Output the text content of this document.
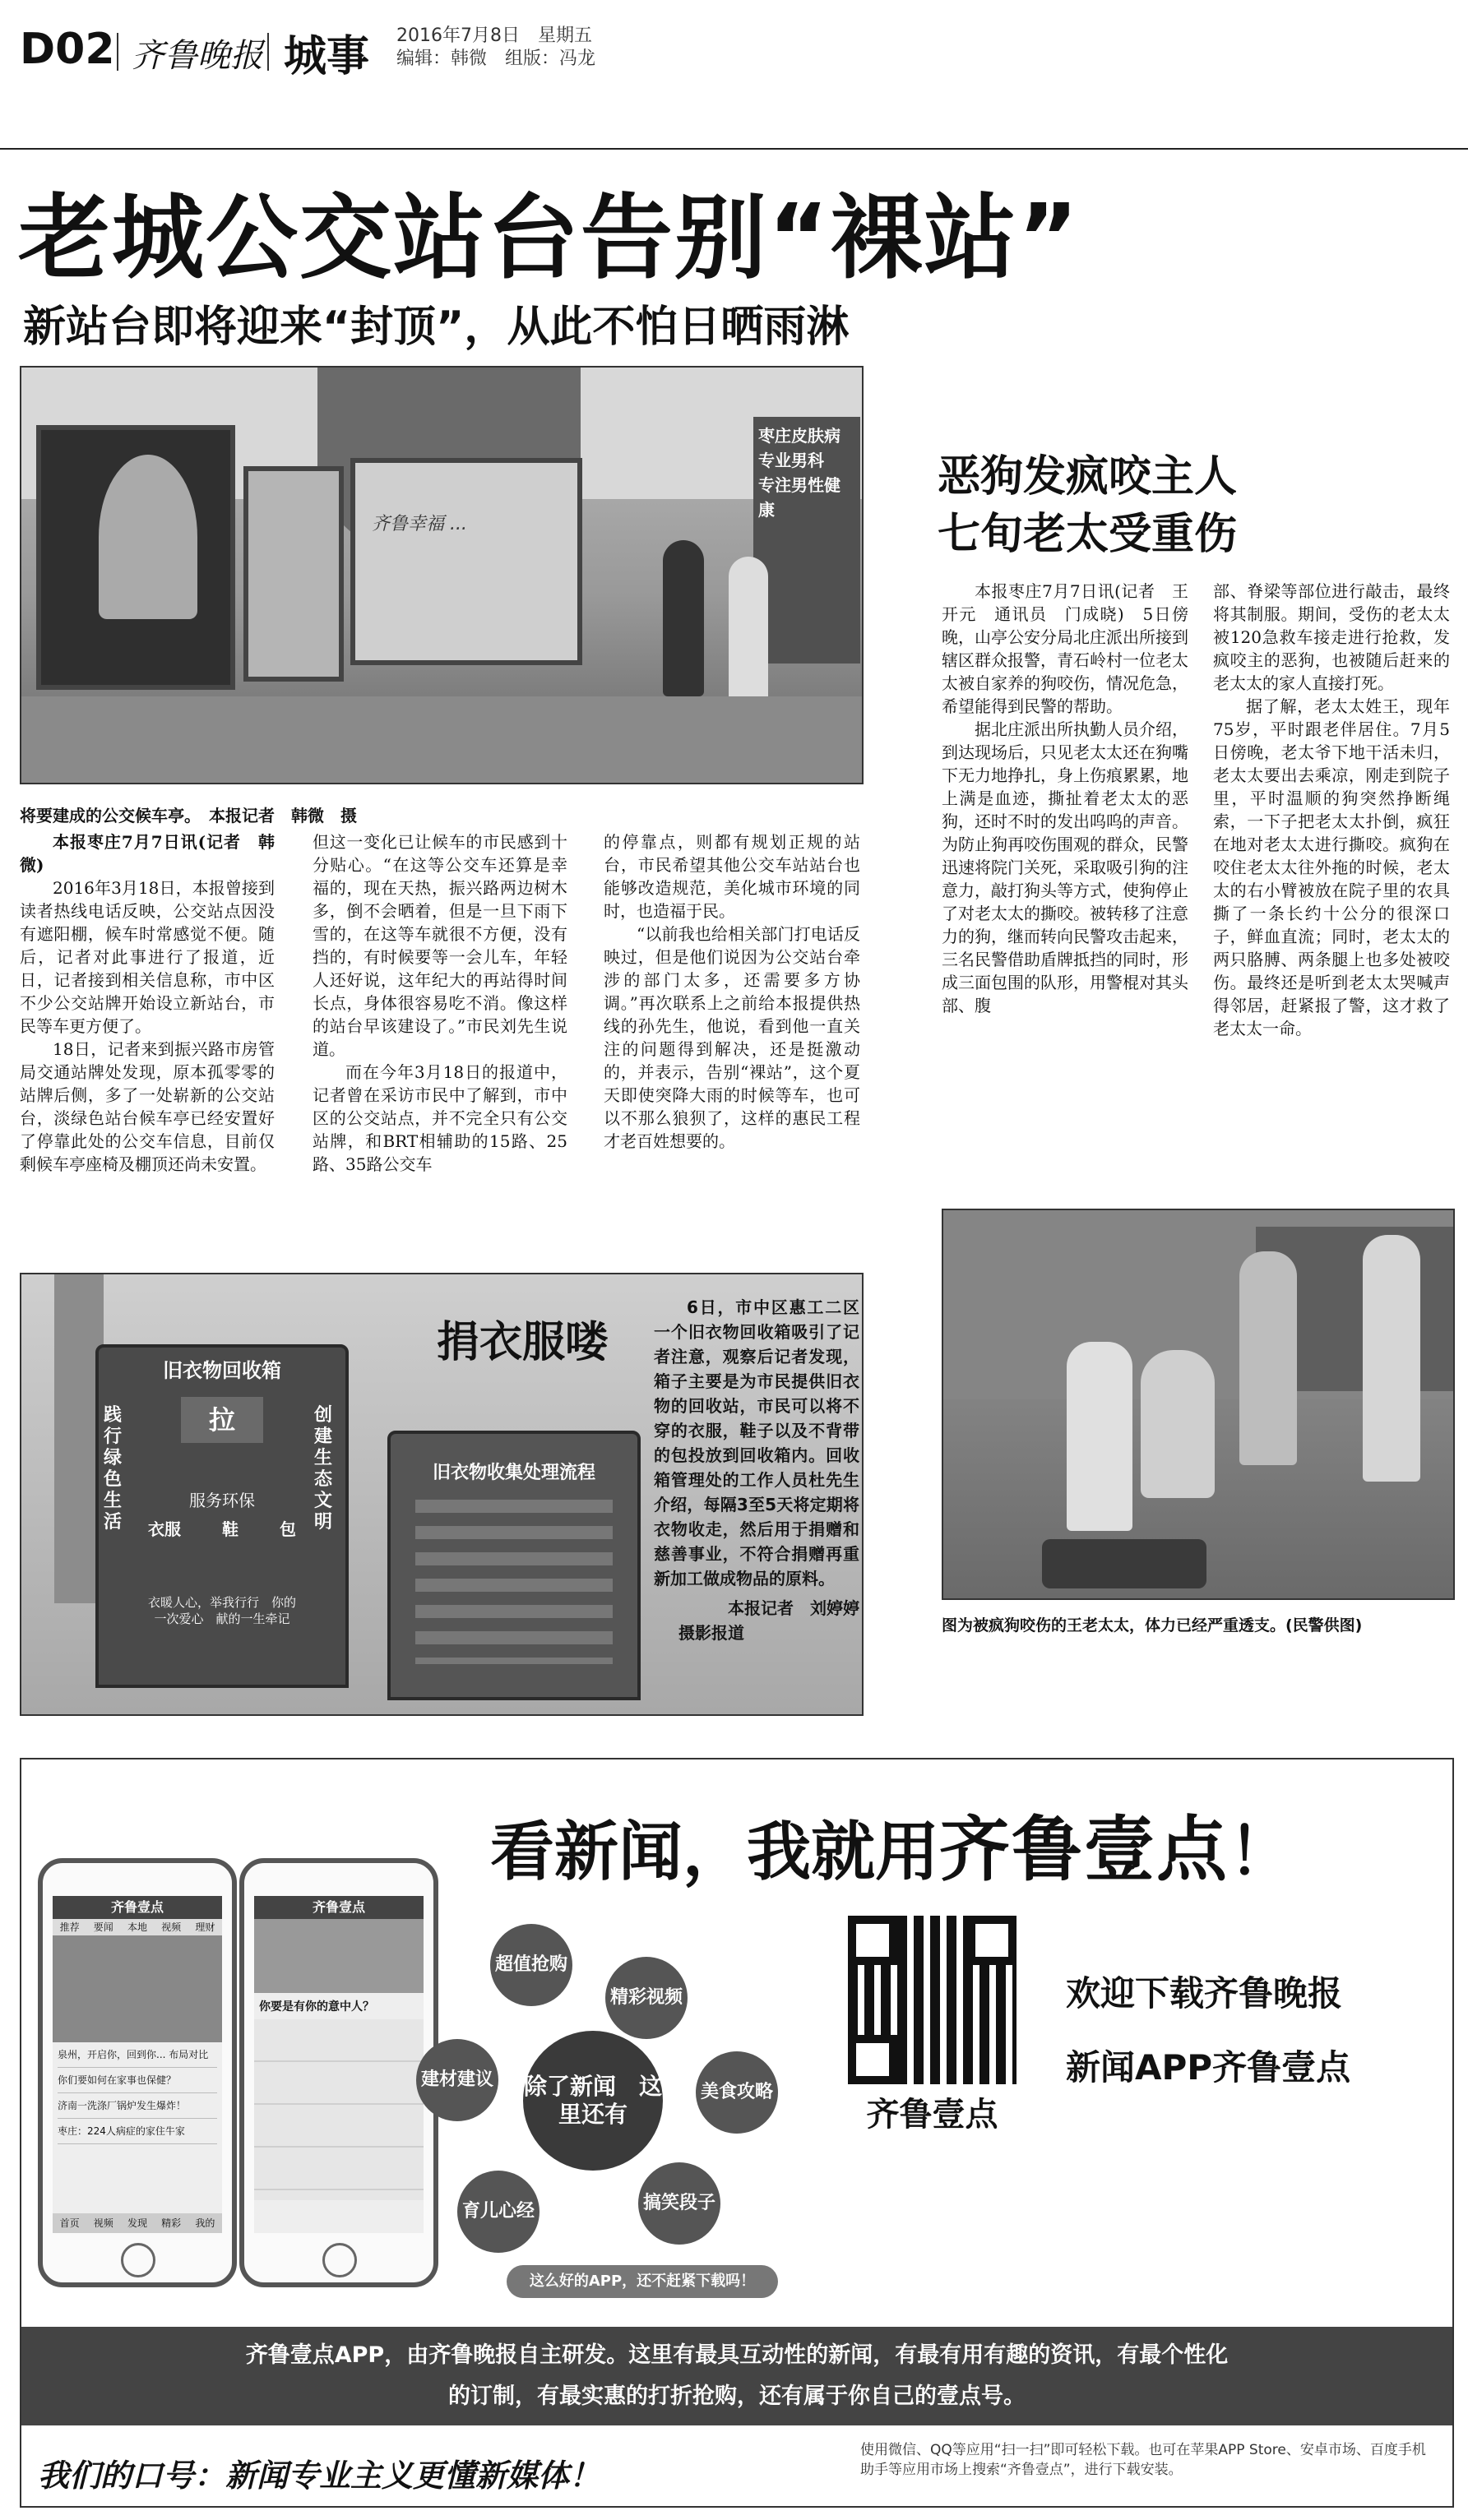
D02 齐鲁晚报 城事 2016年7月8日　星期五
编辑：韩微　组版：冯龙
老城公交站台告别“裸站”
新站台即将迎来“封顶”，从此不怕日晒雨淋
齐鲁幸福 ...
枣庄皮肤病
专业男科
专注男性健康
将要建成的公交候车亭。　本报记者　韩微　摄

本报枣庄7月7日讯(记者　韩微)

2016年3月18日，本报曾接到读者热线电话反映，公交站点因没有遮阳棚，候车时常感觉不便。随后，记者对此事进行了报道，近日，记者接到相关信息称，市中区不少公交站牌开始设立新站台，市民等车更方便了。

18日，记者来到振兴路市房管局交通站牌处发现，原本孤零零的站牌后侧，多了一处崭新的公交站台，淡绿色站台候车亭已经安置好了停靠此处的公交车信息，目前仅剩候车亭座椅及棚顶还尚未安置。

但这一变化已让候车的市民感到十分贴心。“在这等公交车还算是幸福的，现在天热，振兴路两边树木多，倒不会晒着，但是一旦下雨下雪的，在这等车就很不方便，没有挡的，有时候要等一会儿车，年轻人还好说，这年纪大的再站得时间长点，身体很容易吃不消。像这样的站台早该建设了。”市民刘先生说道。

而在今年3月18日的报道中，记者曾在采访市民中了解到，市中区的公交站点，并不完全只有公交站牌，和BRT相辅助的15路、25路、35路公交车

的停靠点，则都有规划正规的站台，市民希望其他公交车站站台也能够改造规范，美化城市环境的同时，也造福于民。

“以前我也给相关部门打电话反映过，但是他们说因为公交站台牵涉的部门太多，还需要多方协调。”再次联系上之前给本报提供热线的孙先生，他说，看到他一直关注的问题得到解决，还是挺激动的，并表示，告别“裸站”，这个夏天即使突降大雨的时候等车，也可以不那么狼狈了，这样的惠民工程才老百姓想要的。

恶狗发疯咬主人
七旬老太受重伤

本报枣庄7月7日讯(记者　王开元　通讯员　门成晓)　5日傍晚，山亭公安分局北庄派出所接到辖区群众报警，青石岭村一位老太太被自家养的狗咬伤，情况危急，希望能得到民警的帮助。

据北庄派出所执勤人员介绍，到达现场后，只见老太太还在狗嘴下无力地挣扎，身上伤痕累累，地上满是血迹，撕扯着老太太的恶狗，还时不时的发出呜呜的声音。为防止狗再咬伤围观的群众，民警迅速将院门关死，采取吸引狗的注意力，敲打狗头等方式，使狗停止了对老太太的撕咬。被转移了注意力的狗，继而转向民警攻击起来，三名民警借助盾牌抵挡的同时，形成三面包围的队形，用警棍对其头部、腹

部、脊梁等部位进行敲击，最终将其制服。期间，受伤的老太太被120急救车接走进行抢救，发疯咬主的恶狗，也被随后赶来的老太太的家人直接打死。

据了解，老太太姓王，现年75岁，平时跟老伴居住。7月5日傍晚，老太爷下地干活未归，老太太要出去乘凉，刚走到院子里，平时温顺的狗突然挣断绳索，一下子把老太太扑倒，疯狂在地对老太太进行撕咬。疯狗在咬住老太太往外拖的时候，老太太的右小臂被放在院子里的农具撕了一条长约十公分的很深口子，鲜血直流；同时，老太太的两只胳膊、两条腿上也多处被咬伤。最终还是听到老太太哭喊声得邻居，赶紧报了警，这才救了老太太一命。

图为被疯狗咬伤的王老太太，体力已经严重透支。(民警供图)
旧衣物回收箱
践行绿色生活
创建生态文明
拉
服务环保
衣服	鞋	包
衣暖人心，举我行行　你的一次爱心　献的一生牵记
旧衣物收集处理流程
捐衣服喽

6日，市中区惠工二区一个旧衣物回收箱吸引了记者注意，观察后记者发现，箱子主要是为市民提供旧衣物的回收站，市民可以将不穿的衣服，鞋子以及不背带的包投放到回收箱内。回收箱管理处的工作人员杜先生介绍，每隔3至5天将定期将衣物收走，然后用于捐赠和慈善事业，不符合捐赠再重新加工做成物品的原料。

本报记者　刘婷婷
摄影报道
看新闻，我就用齐鲁壹点！
齐鲁壹点
推荐 要闻 本地 视频 理财
泉州，开启你，回到你... 布局对比
你们要如何在家事也保健？
济南一洗涤厂锅炉发生爆炸！
枣庄：224人病症的家住牛家
首页 视频 发现 精彩 我的
齐鲁壹点
你要是有你的意中人？
超值抢购
精彩视频
建材建议
美食攻略
除了新闻　这里还有
育儿心经	搞笑段子
这么好的APP，还不赶紧下载吗！
齐鲁壹点
欢迎下载齐鲁晚报
新闻APP齐鲁壹点
齐鲁壹点APP，由齐鲁晚报自主研发。这里有最具互动性的新闻，有最有用有趣的资讯，有最个性化
的订制，有最实惠的打折抢购，还有属于你自己的壹点号。
我们的口号：新闻专业主义更懂新媒体！
使用微信、QQ等应用“扫一扫”即可轻松下载。也可在苹果APP Store、安卓市场、百度手机助手等应用市场上搜索“齐鲁壹点”，进行下载安装。
